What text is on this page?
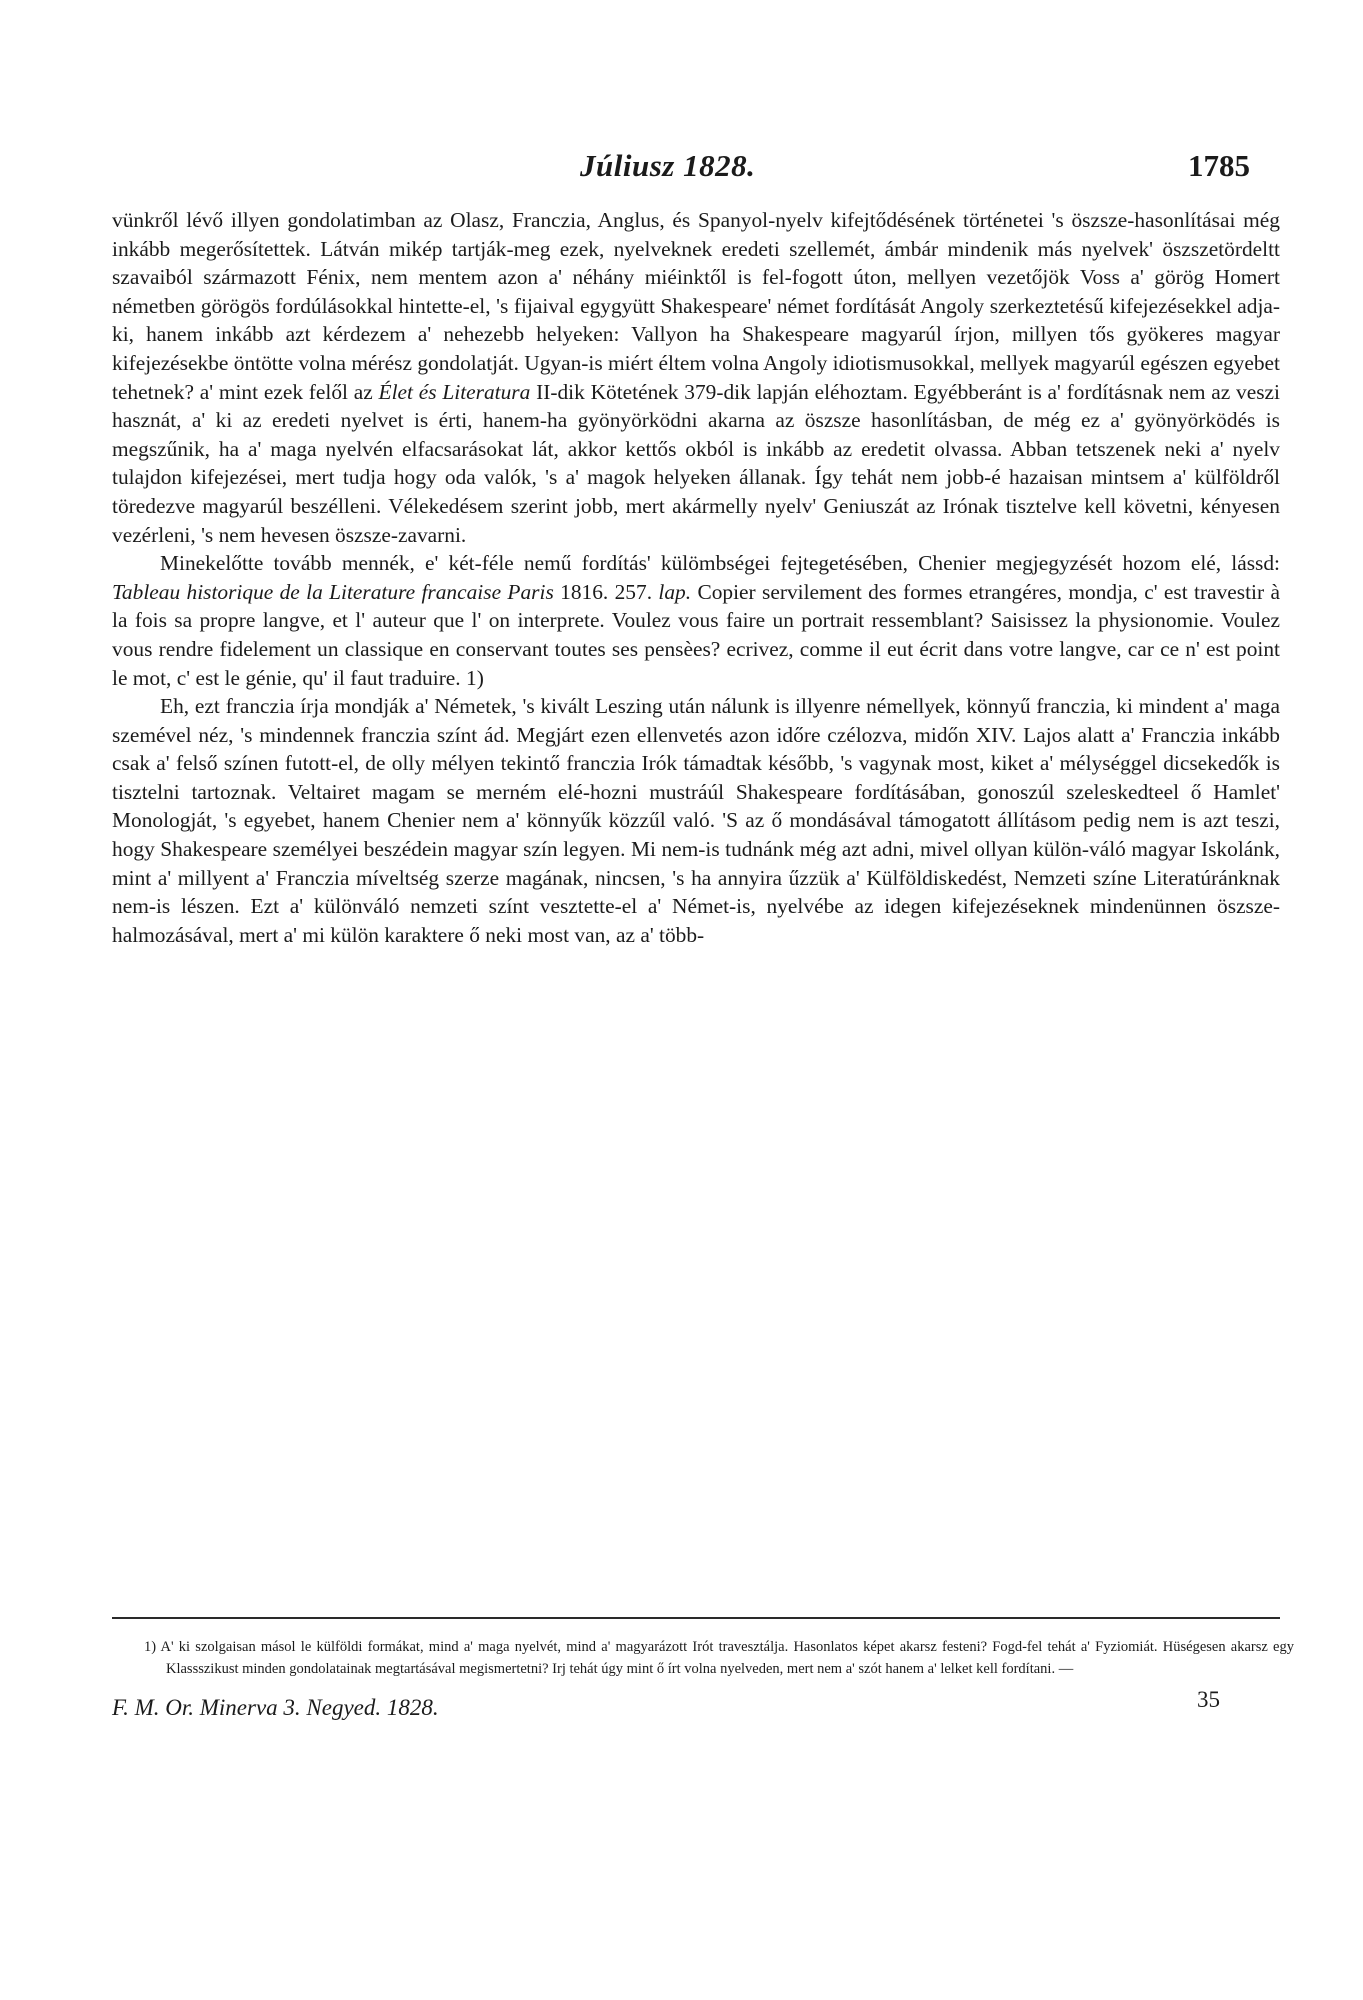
Júliusz 1828.	1785

vünkről lévő illyen gondolatimban az Olasz, Franczia, Anglus, és Spanyol-nyelv kifejtődésének történetei 's öszsze-hasonlításai még inkább megerősítettek. Látván mikép tartják-meg ezek, nyelveknek eredeti szellemét, ámbár mindenik más nyelvek' öszszetördeltt szavaiból származott Fénix, nem mentem azon a' néhány miéinktől is fel-fogott úton, mellyen vezetőjök Voss a' görög Homert németben görögös fordúlásokkal hintette-el, 's fijaival egygyütt Shakespeare' német fordítását Angoly szerkeztetésű kifejezésekkel adja-ki, hanem inkább azt kérdezem a' nehezebb helyeken: Vallyon ha Shakespeare magyarúl írjon, millyen tős gyökeres magyar kifejezésekbe öntötte volna mérész gondolatját. Ugyan-is miért éltem volna Angoly idiotismusokkal, mellyek magyarúl egészen egyebet tehetnek? a' mint ezek felől az Élet és Literatura II-dik Kötetének 379-dik lapján eléhoztam. Egyébberánt is a' fordításnak nem az veszi hasznát, a' ki az eredeti nyelvet is érti, hanem-ha gyönyörködni akarna az öszsze hasonlításban, de még ez a' gyönyörködés is megszűnik, ha a' maga nyelvén elfacsarásokat lát, akkor kettős okból is inkább az eredetit olvassa. Abban tetszenek neki a' nyelv tulajdon kifejezései, mert tudja hogy oda valók, 's a' magok helyeken állanak. Így tehát nem jobb-é hazaisan mintsem a' külföldről töredezve magyarúl beszélleni. Vélekedésem szerint jobb, mert akármelly nyelv' Geniuszát az Irónak tisztelve kell követni, kényesen vezérleni, 's nem hevesen öszsze-zavarni.

Minekelőtte tovább mennék, e' két-féle nemű fordítás' külömbségei fejtegetésében, Chenier megjegyzését hozom elé, lássd: Tableau historique de la Literature francaise Paris 1816. 257. lap. Copier servilement des formes etrangéres, mondja, c' est travestir à la fois sa propre langve, et l' auteur que l' on interprete. Voulez vous faire un portrait ressemblant? Saisissez la physionomie. Voulez vous rendre fidelement un classique en conservant toutes ses pensèes? ecrivez, comme il eut écrit dans votre langve, car ce n' est point le mot, c' est le génie, qu' il faut traduire. 1)

Eh, ezt franczia írja mondják a' Németek, 's kivált Leszing után nálunk is illyenre némellyek, könnyű franczia, ki mindent a' maga szemével néz, 's mindennek franczia színt ád. Megjárt ezen ellenvetés azon időre czélozva, midőn XIV. Lajos alatt a' Franczia inkább csak a' felső színen futott-el, de olly mélyen tekintő franczia Irók támadtak később, 's vagynak most, kiket a' mélységgel dicsekedők is tisztelni tartoznak. Veltairet magam se merném elé-hozni mustráúl Shakespeare fordításában, gonoszúl szeleskedteel ő Hamlet' Monologját, 's egyebet, hanem Chenier nem a' könnyűk közzűl való. 'S az ő mondásával támogatott állításom pedig nem is azt teszi, hogy Shakespeare személyei beszédein magyar szín legyen. Mi nem-is tudnánk még azt adni, mivel ollyan külön-váló magyar Iskolánk, mint a' millyent a' Franczia míveltség szerze magának, nincsen, 's ha annyira űzzük a' Külföldiskedést, Nemzeti színe Literatúránknak nem-is lészen. Ezt a' különváló nemzeti színt vesztette-el a' Német-is, nyelvébe az idegen kifejezéseknek mindenünnen öszsze-halmozásával, mert a' mi külön karaktere ő neki most van, az a' több-

1) A' ki szolgaisan másol le külföldi formákat, mind a' maga nyelvét, mind a' magyarázott Irót travesztálja. Hasonlatos képet akarsz festeni? Fogd-fel tehát a' Fyziomiát. Hüségesen akarsz egy Klassszikust minden gondolatainak megtartásával megismertetni? Irj tehát úgy mint ő írt volna nyelveden, mert nem a' szót hanem a' lelket kell fordítani. —
F. M. Or. Minerva 3. Negyed. 1828.	35
